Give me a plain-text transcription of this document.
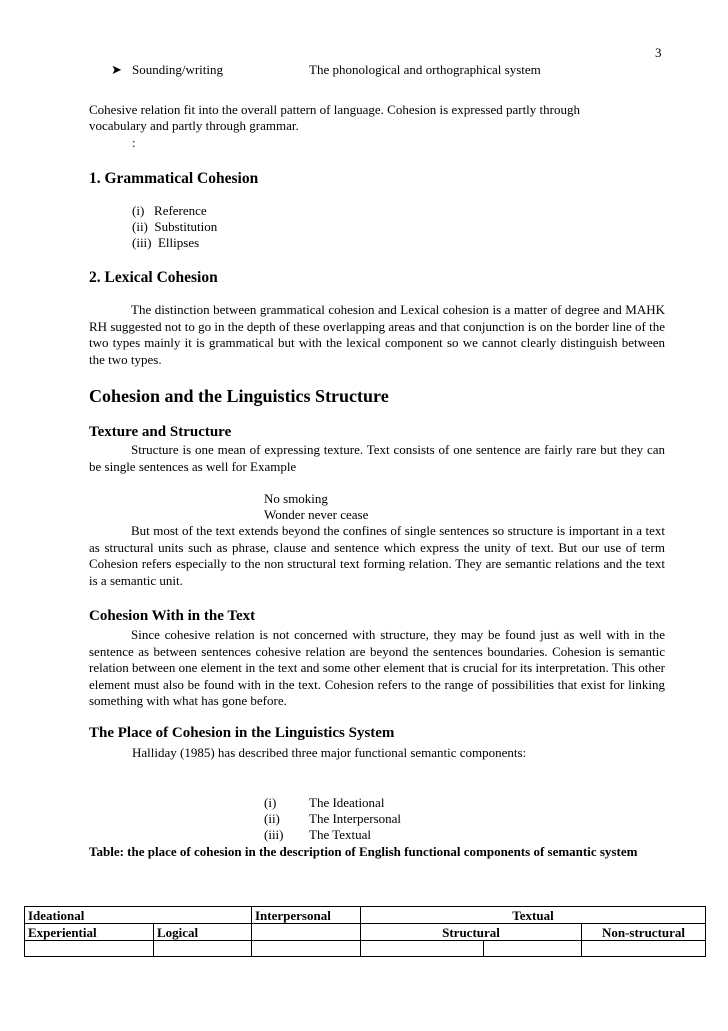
3
➤ Sounding/writing	The phonological and orthographical system
Cohesive relation fit into the overall pattern of language. Cohesion is expressed partly through
vocabulary and partly through grammar.
:
1. Grammatical Cohesion
(i)   Reference
(ii)  Substitution
(iii)  Ellipses
2. Lexical Cohesion
The distinction between grammatical cohesion and Lexical cohesion is a matter of degree and MAHK RH suggested not to go in the depth of these overlapping areas and that conjunction is on the border line of the two types mainly it is grammatical but with the lexical component so we cannot clearly distinguish between the two types.
Cohesion and the Linguistics Structure
Texture and Structure
Structure is one mean of expressing texture. Text consists of one sentence are fairly rare but they can be single sentences as well for Example
No smoking
Wonder never cease
But most of the text extends beyond the confines of single sentences so structure is important in a text as structural units such as phrase, clause and sentence which express the unity of text. But our use of term Cohesion refers especially to the non structural text forming relation. They are semantic relations and the text is a semantic unit.
Cohesion With in the Text
Since cohesive relation is not concerned with structure, they may be found just as well with in the sentence as between sentences cohesive relation are beyond the sentences boundaries. Cohesion is semantic relation between one element in the text and some other element that is crucial for its interpretation. This other element must also be found with in the text. Cohesion refers to the range of possibilities that exist for linking something with what has gone before.
The Place of Cohesion in the Linguistics System
Halliday (1985) has described three major functional semantic components:
(i)	The Ideational
(ii) The Interpersonal
(iii) The Textual
Table: the place of cohesion in the description of English functional components of semantic system
Ideational		Interpersonal	Textual		
Experiential	Logical		Structural		Non-structural
